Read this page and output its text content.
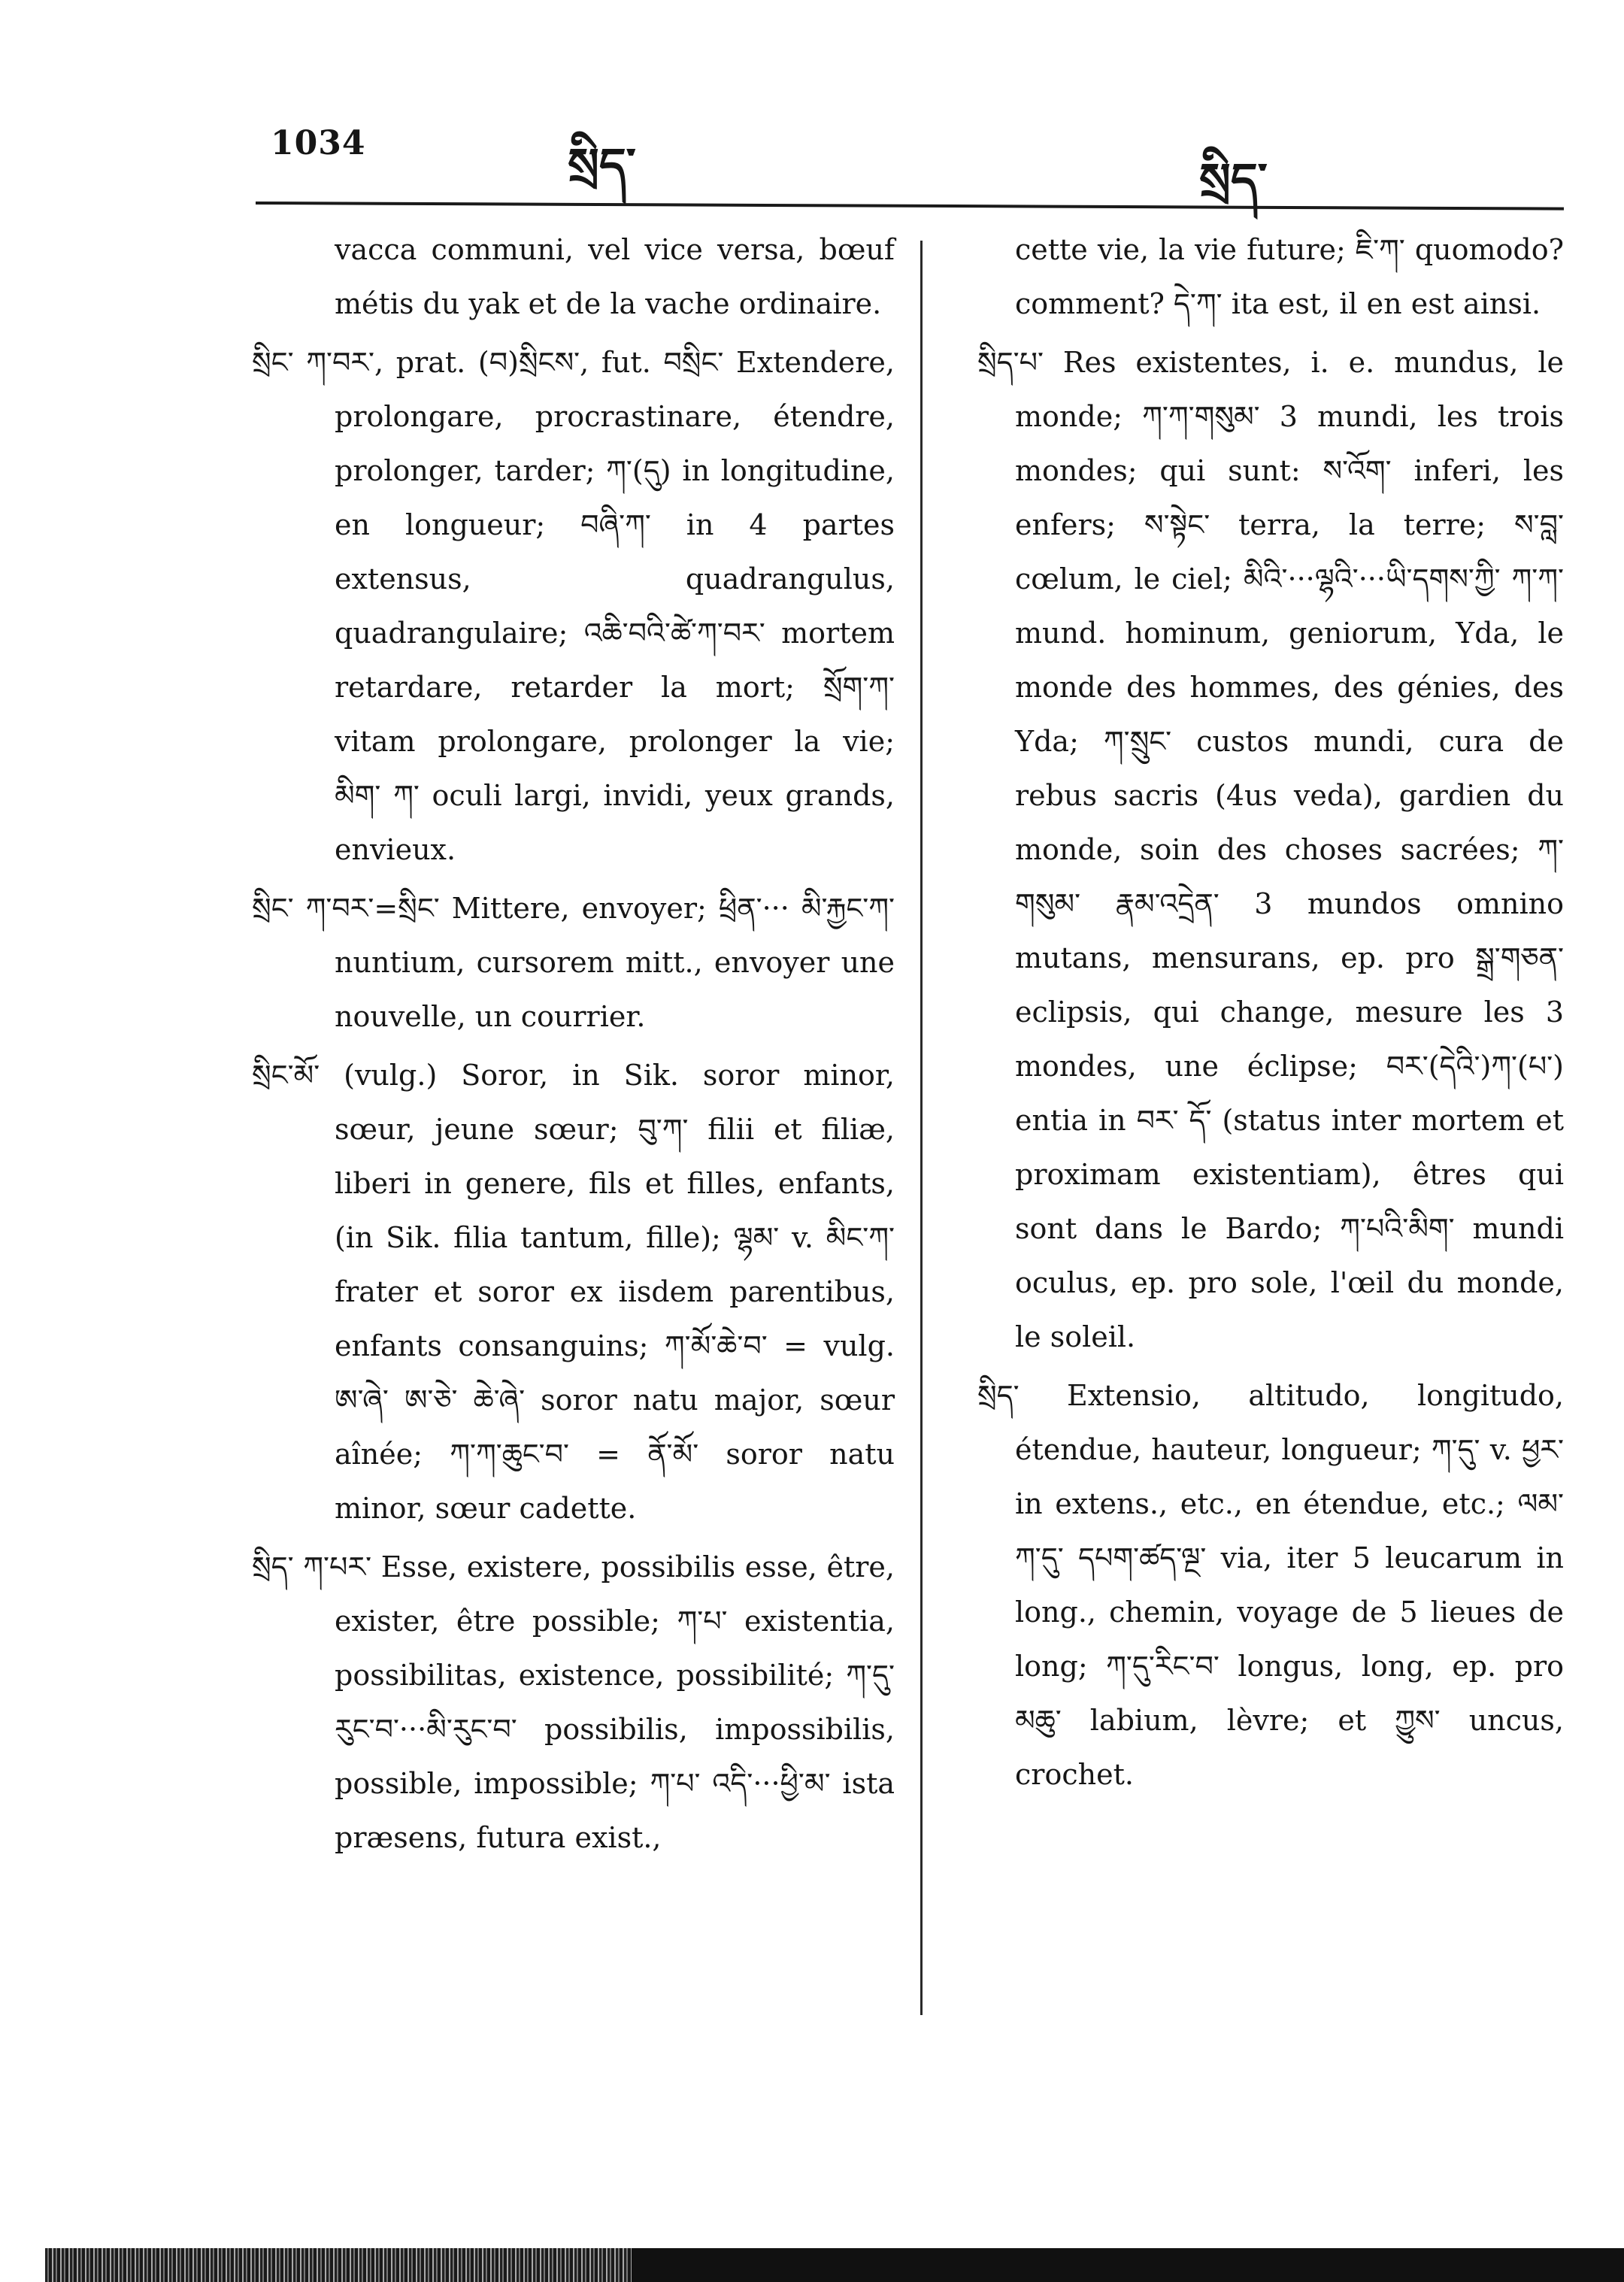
1034	སྲིད་	སྲིད་

vacca communi, vel vice versa, bœuf métis du yak et de la vache ordinaire.

སྲིང་ ཀ་བར་, prat. (བ)སྲིངས་, fut. བསྲིང་ Extendere, prolongare, procrastinare, étendre, prolonger, tarder; ཀ་(དུ) in longitudine, en longueur; བཞི་ཀ་ in 4 partes extensus, quadrangulus, quadrangulaire; འཆི་བའི་ཚེ་ཀ་བར་ mortem retardare, retarder la mort; སྲོག་ཀ་ vitam prolongare, prolonger la vie; མིག་ ཀ་ oculi largi, invidi, yeux grands, envieux.

སྲིང་ ཀ་བར་=སྲིང་ Mittere, envoyer; ཕྲིན་··· མི་རྐྱང་ཀ་ nuntium, cursorem mitt., envoyer une nouvelle, un courrier.

སྲིང་མོ་ (vulg.) Soror, in Sik. soror minor, sœur, jeune sœur; བུ་ཀ་ filii et filiæ, liberi in genere, fils et filles, enfants, (in Sik. filia tantum, fille); ལྷམ་ v. མིང་ཀ་ frater et soror ex iisdem parentibus, enfants consanguins; ཀ་མོ་ཆེ་བ་ = vulg. ཨ་ཞེ་ ཨ་ཅེ་ ཆེ་ཞེ་ soror natu major, sœur aînée; ཀ་ཀ་ཆུང་བ་ = ནོ་མོ་ soror natu minor, sœur cadette.

སྲིད་ ཀ་པར་ Esse, existere, possibilis esse, être, exister, être possible; ཀ་པ་ existentia, possibilitas, existence, possibilité; ཀ་དུ་རུང་བ་···མི་རུང་བ་ possibilis, impossibilis, possible, impossible; ཀ་པ་ འདི་···ཕྱི་མ་ ista præsens, futura exist.,

cette vie, la vie future; ཇི་ཀ་ quomodo? comment? དེ་ཀ་ ita est, il en est ainsi.

སྲིད་པ་ Res existentes, i. e. mundus, le monde; ཀ་ཀ་གསུམ་ 3 mundi, les trois mondes; qui sunt: ས་འོག་ inferi, les enfers; ས་སྟེང་ terra, la terre; ས་བླ་ cœlum, le ciel; མིའི་···ལྷའི་···ཡི་དགས་ཀྱི་ ཀ་ཀ་ mund. hominum, geniorum, Yda, le monde des hommes, des génies, des Yda; ཀ་སྲུང་ custos mundi, cura de rebus sacris (4us veda), gardien du monde, soin des choses sacrées; ཀ་གསུམ་ རྣམ་འདྲེན་ 3 mundos omnino mutans, mensurans, ep. pro སྒྲ་གཅན་ eclipsis, qui change, mesure les 3 mondes, une éclipse; བར་(དེའི་)ཀ་(པ་) entia in བར་ དོ་ (status inter mortem et proximam existentiam), êtres qui sont dans le Bardo; ཀ་པའི་མིག་ mundi oculus, ep. pro sole, l'œil du monde, le soleil.

སྲིད་ Extensio, altitudo, longitudo, étendue, hauteur, longueur; ཀ་དུ་ v. ཕྱར་ in extens., etc., en étendue, etc.; ལམ་ཀ་དུ་ དཔག་ཚད་ལྔ་ via, iter 5 leucarum in long., chemin, voyage de 5 lieues de long; ཀ་དུ་རིང་བ་ longus, long, ep. pro མཆུ་ labium, lèvre; et ཀྱུས་ uncus, crochet.
